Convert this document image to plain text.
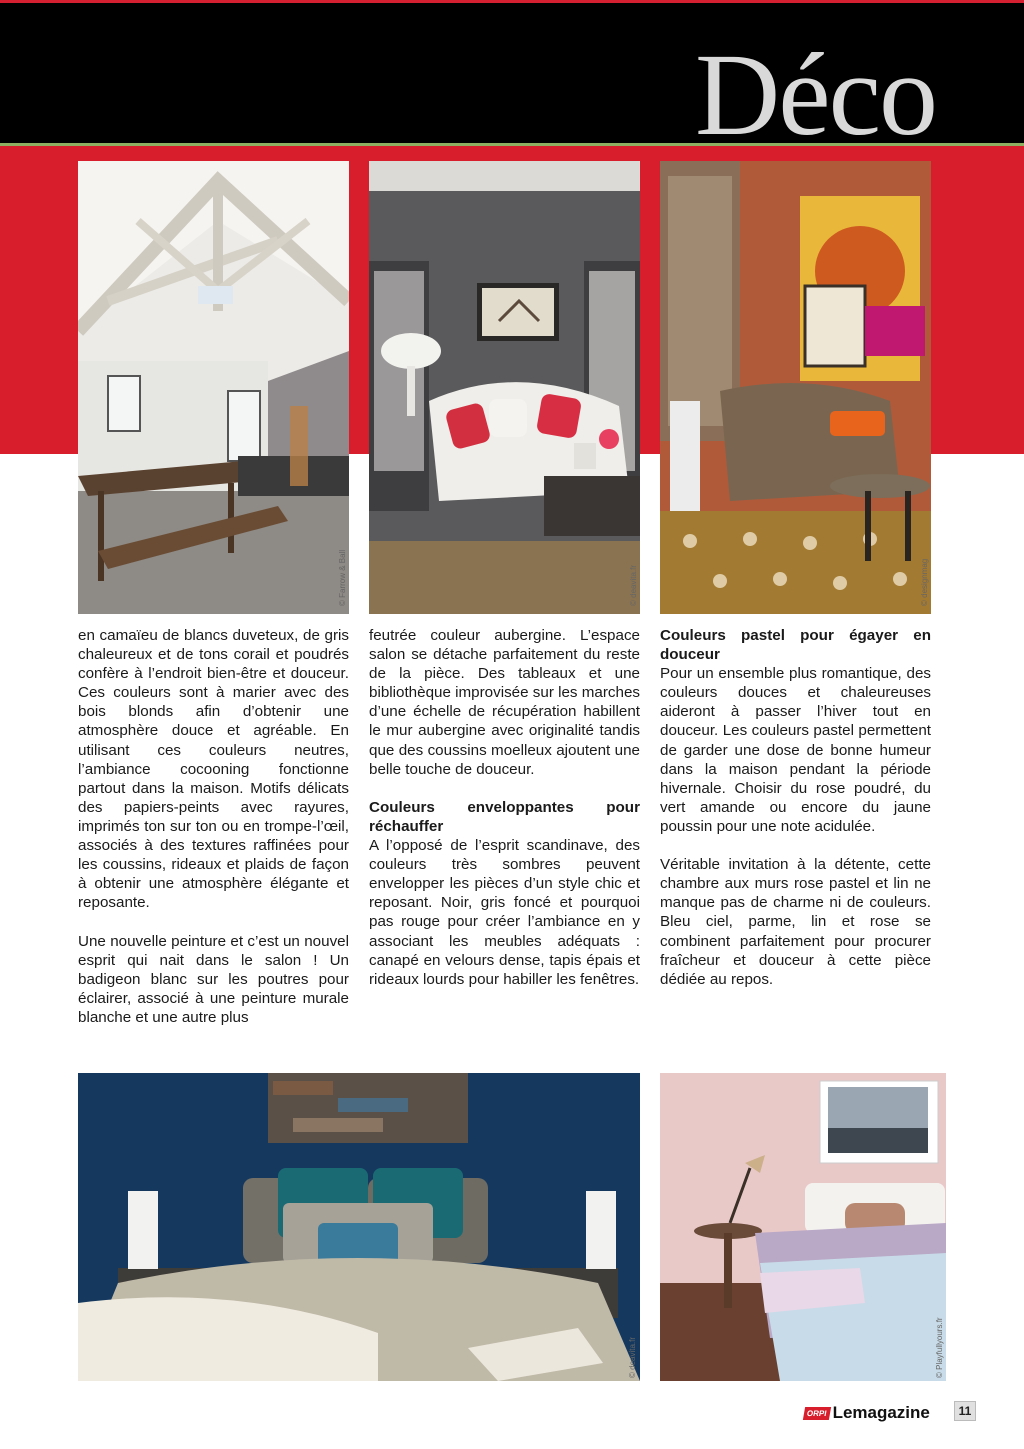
Déco
© Farrow & Ball	© deavita.fr	© designmag

en camaïeu de blancs duveteux, de gris chaleureux et de tons corail et poudrés confère à l’endroit bien-être et douceur. Ces couleurs sont à marier avec des bois blonds afin d’obtenir une atmosphère douce et agréable. En utilisant ces couleurs neutres, l’ambiance cocooning fonctionne partout dans la maison. Motifs délicats des papiers-peints avec rayures, imprimés ton sur ton ou en trompe-l’œil, associés à des textures raffinées pour les coussins, rideaux et plaids de façon à obtenir une atmosphère élégante et reposante.

Une nouvelle peinture et c’est un nouvel esprit qui nait dans le salon ! Un badigeon blanc sur les poutres pour éclairer, associé à une peinture murale blanche et une autre plus

feutrée couleur aubergine. L’espace salon se détache parfaitement du reste de la pièce. Des tableaux et une bibliothèque improvisée sur les marches d’une échelle de récupération habillent le mur aubergine avec originalité tandis que des coussins moelleux ajoutent une belle touche de douceur.

Couleurs enveloppantes pour réchauffer

A l’opposé de l’esprit scandinave, des couleurs très sombres peuvent envelopper les pièces d’un style chic et reposant. Noir, gris foncé et pourquoi pas rouge pour créer l’ambiance en y associant les meubles adéquats : canapé en velours dense, tapis épais et rideaux lourds pour habiller les fenêtres.

Couleurs pastel pour égayer en douceur

Pour un ensemble plus romantique, des couleurs douces et chaleureuses aideront à passer l’hiver tout en douceur. Les couleurs pastel permettent de garder une dose de bonne humeur dans la maison pendant la période hivernale. Choisir du rose poudré, du vert amande ou encore du jaune poussin pour une note acidulée.

Véritable invitation à la détente, cette chambre aux murs rose pastel et lin ne manque pas de charme ni de couleurs. Bleu ciel, parme, lin et rose se combinent parfaitement pour procurer fraîcheur et douceur à cette pièce dédiée au repos.

© deavita.fr	© Playfullyours.fr
ORPI Lemagazine	11
